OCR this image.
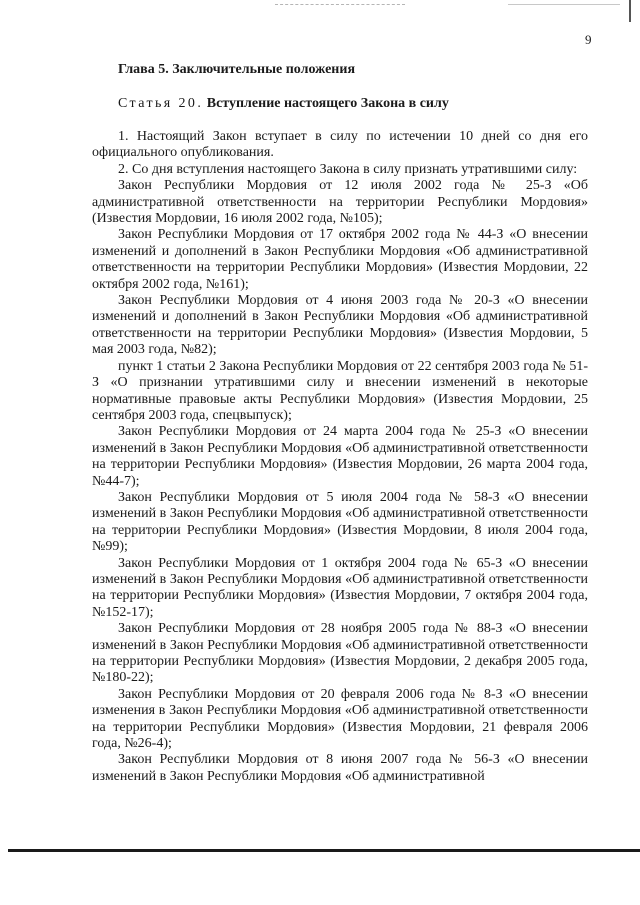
9
Глава 5. Заключительные положения
Статья 20. Вступление настоящего Закона в силу

1. Настоящий Закон вступает в силу по истечении 10 дней со дня его официального опубликования.

2. Со дня вступления настоящего Закона в силу признать утратившими силу:

Закон Республики Мордовия от 12 июля 2002 года № 25-З «Об административной ответственности на территории Республики Мордовия» (Известия Мордовии, 16 июля 2002 года, №105);

Закон Республики Мордовия от 17 октября 2002 года № 44-З «О внесении изменений и дополнений в Закон Республики Мордовия «Об административной ответственности на территории Республики Мордовия» (Известия Мордовии, 22 октября 2002 года, №161);

Закон Республики Мордовия от 4 июня 2003 года № 20-З «О внесении изменений и дополнений в Закон Республики Мордовия «Об административной ответственности на территории Республики Мордовия» (Известия Мордовии, 5 мая 2003 года, №82);

пункт 1 статьи 2 Закона Республики Мордовия от 22 сентября 2003 года № 51-З «О признании утратившими силу и внесении изменений в некоторые нормативные правовые акты Республики Мордовия» (Известия Мордовии, 25 сентября 2003 года, спецвыпуск);

Закон Республики Мордовия от 24 марта 2004 года № 25-З «О внесении изменений в Закон Республики Мордовия «Об административной ответственности на территории Республики Мордовия» (Известия Мордовии, 26 марта 2004 года, №44-7);

Закон Республики Мордовия от 5 июля 2004 года № 58-З «О внесении изменений в Закон Республики Мордовия «Об административной ответственности на территории Республики Мордовия» (Известия Мордовии, 8 июля 2004 года, №99);

Закон Республики Мордовия от 1 октября 2004 года № 65-З «О внесении изменений в Закон Республики Мордовия «Об административной ответственности на территории Республики Мордовия» (Известия Мордовии, 7 октября 2004 года, №152-17);

Закон Республики Мордовия от 28 ноября 2005 года № 88-З «О внесении изменений в Закон Республики Мордовия «Об административной ответственности на территории Республики Мордовия» (Известия Мордовии, 2 декабря 2005 года, №180-22);

Закон Республики Мордовия от 20 февраля 2006 года № 8-З «О внесении изменения в Закон Республики Мордовия «Об административной ответственности на территории Республики Мордовия» (Известия Мордовии, 21 февраля 2006 года, №26-4);

Закон Республики Мордовия от 8 июня 2007 года № 56-З «О внесении изменений в Закон Республики Мордовия «Об административной
